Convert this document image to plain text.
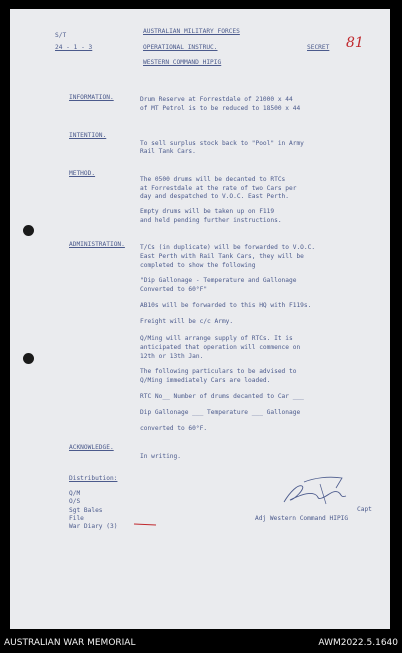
S/T
24 - 1 - 3
AUSTRALIAN MILITARY FORCES
OPERATIONAL INSTRUC.
WESTERN COMMAND HIPIG
SECRET 81
INFORMATION.	Drum Reserve at Forrestdale of 21000 x 44
of MT Petrol is to be reduced to 18500 x 44
INTENTION.
To sell surplus stock back to "Pool" in Army
Rail Tank Cars.
METHOD.
The 0500 drums will be decanted to RTCs
at Forrestdale at the rate of two Cars per
day and despatched to V.O.C. East Perth.
Empty drums will be taken up on F119
and held pending further instructions.
ADMINISTRATION. T/Cs (in duplicate) will be forwarded to V.O.C.
East Perth with Rail Tank Cars, they will be
completed to show the following
"Dip Gallonage - Temperature and Gallonage
Converted to 60°F"
AB10s will be forwarded to this HQ with F119s.
Freight will be c/c Army.
Q/Ming will arrange supply of RTCs. It is
anticipated that operation will commence on
12th or 13th Jan.
The following particulars to be advised to
Q/Ming immediately Cars are loaded.
RTC No__ Number of drums decanted to Car ___
Dip Gallonage ___ Temperature ___ Gallonage
converted to 60°F.
ACKNOWLEDGE.
In writing.
Distribution:
Q/M
O/S
Sgt Bales
File
War Diary (3)
Capt
Adj Western Command HIPIG
AUSTRALIAN WAR MEMORIAL	AWM2022.5.1640
